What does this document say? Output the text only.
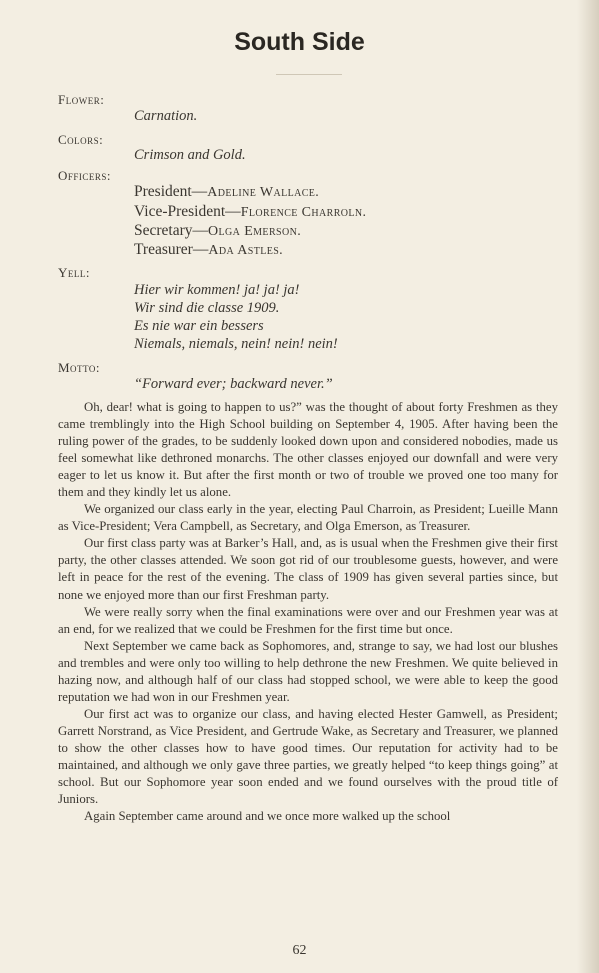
South Side
Flower:
Carnation.
Colors:
Crimson and Gold.
Officers:
President—Adeline Wallace.
Vice-President—Florence Charroln.
Secretary—Olga Emerson.
Treasurer—Ada Astles.
Yell:
Hier wir kommen! ja! ja! ja!
Wir sind die classe 1909.
Es nie war ein bessers
Niemals, niemals, nein! nein! nein!
Motto:
“Forward ever; backward never.”

Oh, dear! what is going to happen to us?” was the thought of about forty Freshmen as they came tremblingly into the High School building on September 4, 1905. After having been the ruling power of the grades, to be suddenly looked down upon and considered nobodies, made us feel somewhat like dethroned monarchs. The other classes enjoyed our downfall and were very eager to let us know it. But after the first month or two of trouble we proved one too many for them and they kindly let us alone.

We organized our class early in the year, electing Paul Charroin, as President; Lueille Mann as Vice-President; Vera Campbell, as Secretary, and Olga Emerson, as Treasurer.

Our first class party was at Barker’s Hall, and, as is usual when the Freshmen give their first party, the other classes attended. We soon got rid of our troublesome guests, however, and were left in peace for the rest of the evening. The class of 1909 has given several parties since, but none we enjoyed more than our first Freshman party.

We were really sorry when the final examinations were over and our Freshmen year was at an end, for we realized that we could be Freshmen for the first time but once.

Next September we came back as Sophomores, and, strange to say, we had lost our blushes and trembles and were only too willing to help dethrone the new Freshmen. We quite believed in hazing now, and although half of our class had stopped school, we were able to keep the good reputation we had won in our Freshmen year.

Our first act was to organize our class, and having elected Hester Gamwell, as President; Garrett Norstrand, as Vice President, and Gertrude Wake, as Secretary and Treasurer, we planned to show the other classes how to have good times. Our reputation for activity had to be maintained, and although we only gave three parties, we greatly helped “to keep things going” at school. But our Sophomore year soon ended and we found ourselves with the proud title of Juniors.

Again September came around and we once more walked up the school

62
